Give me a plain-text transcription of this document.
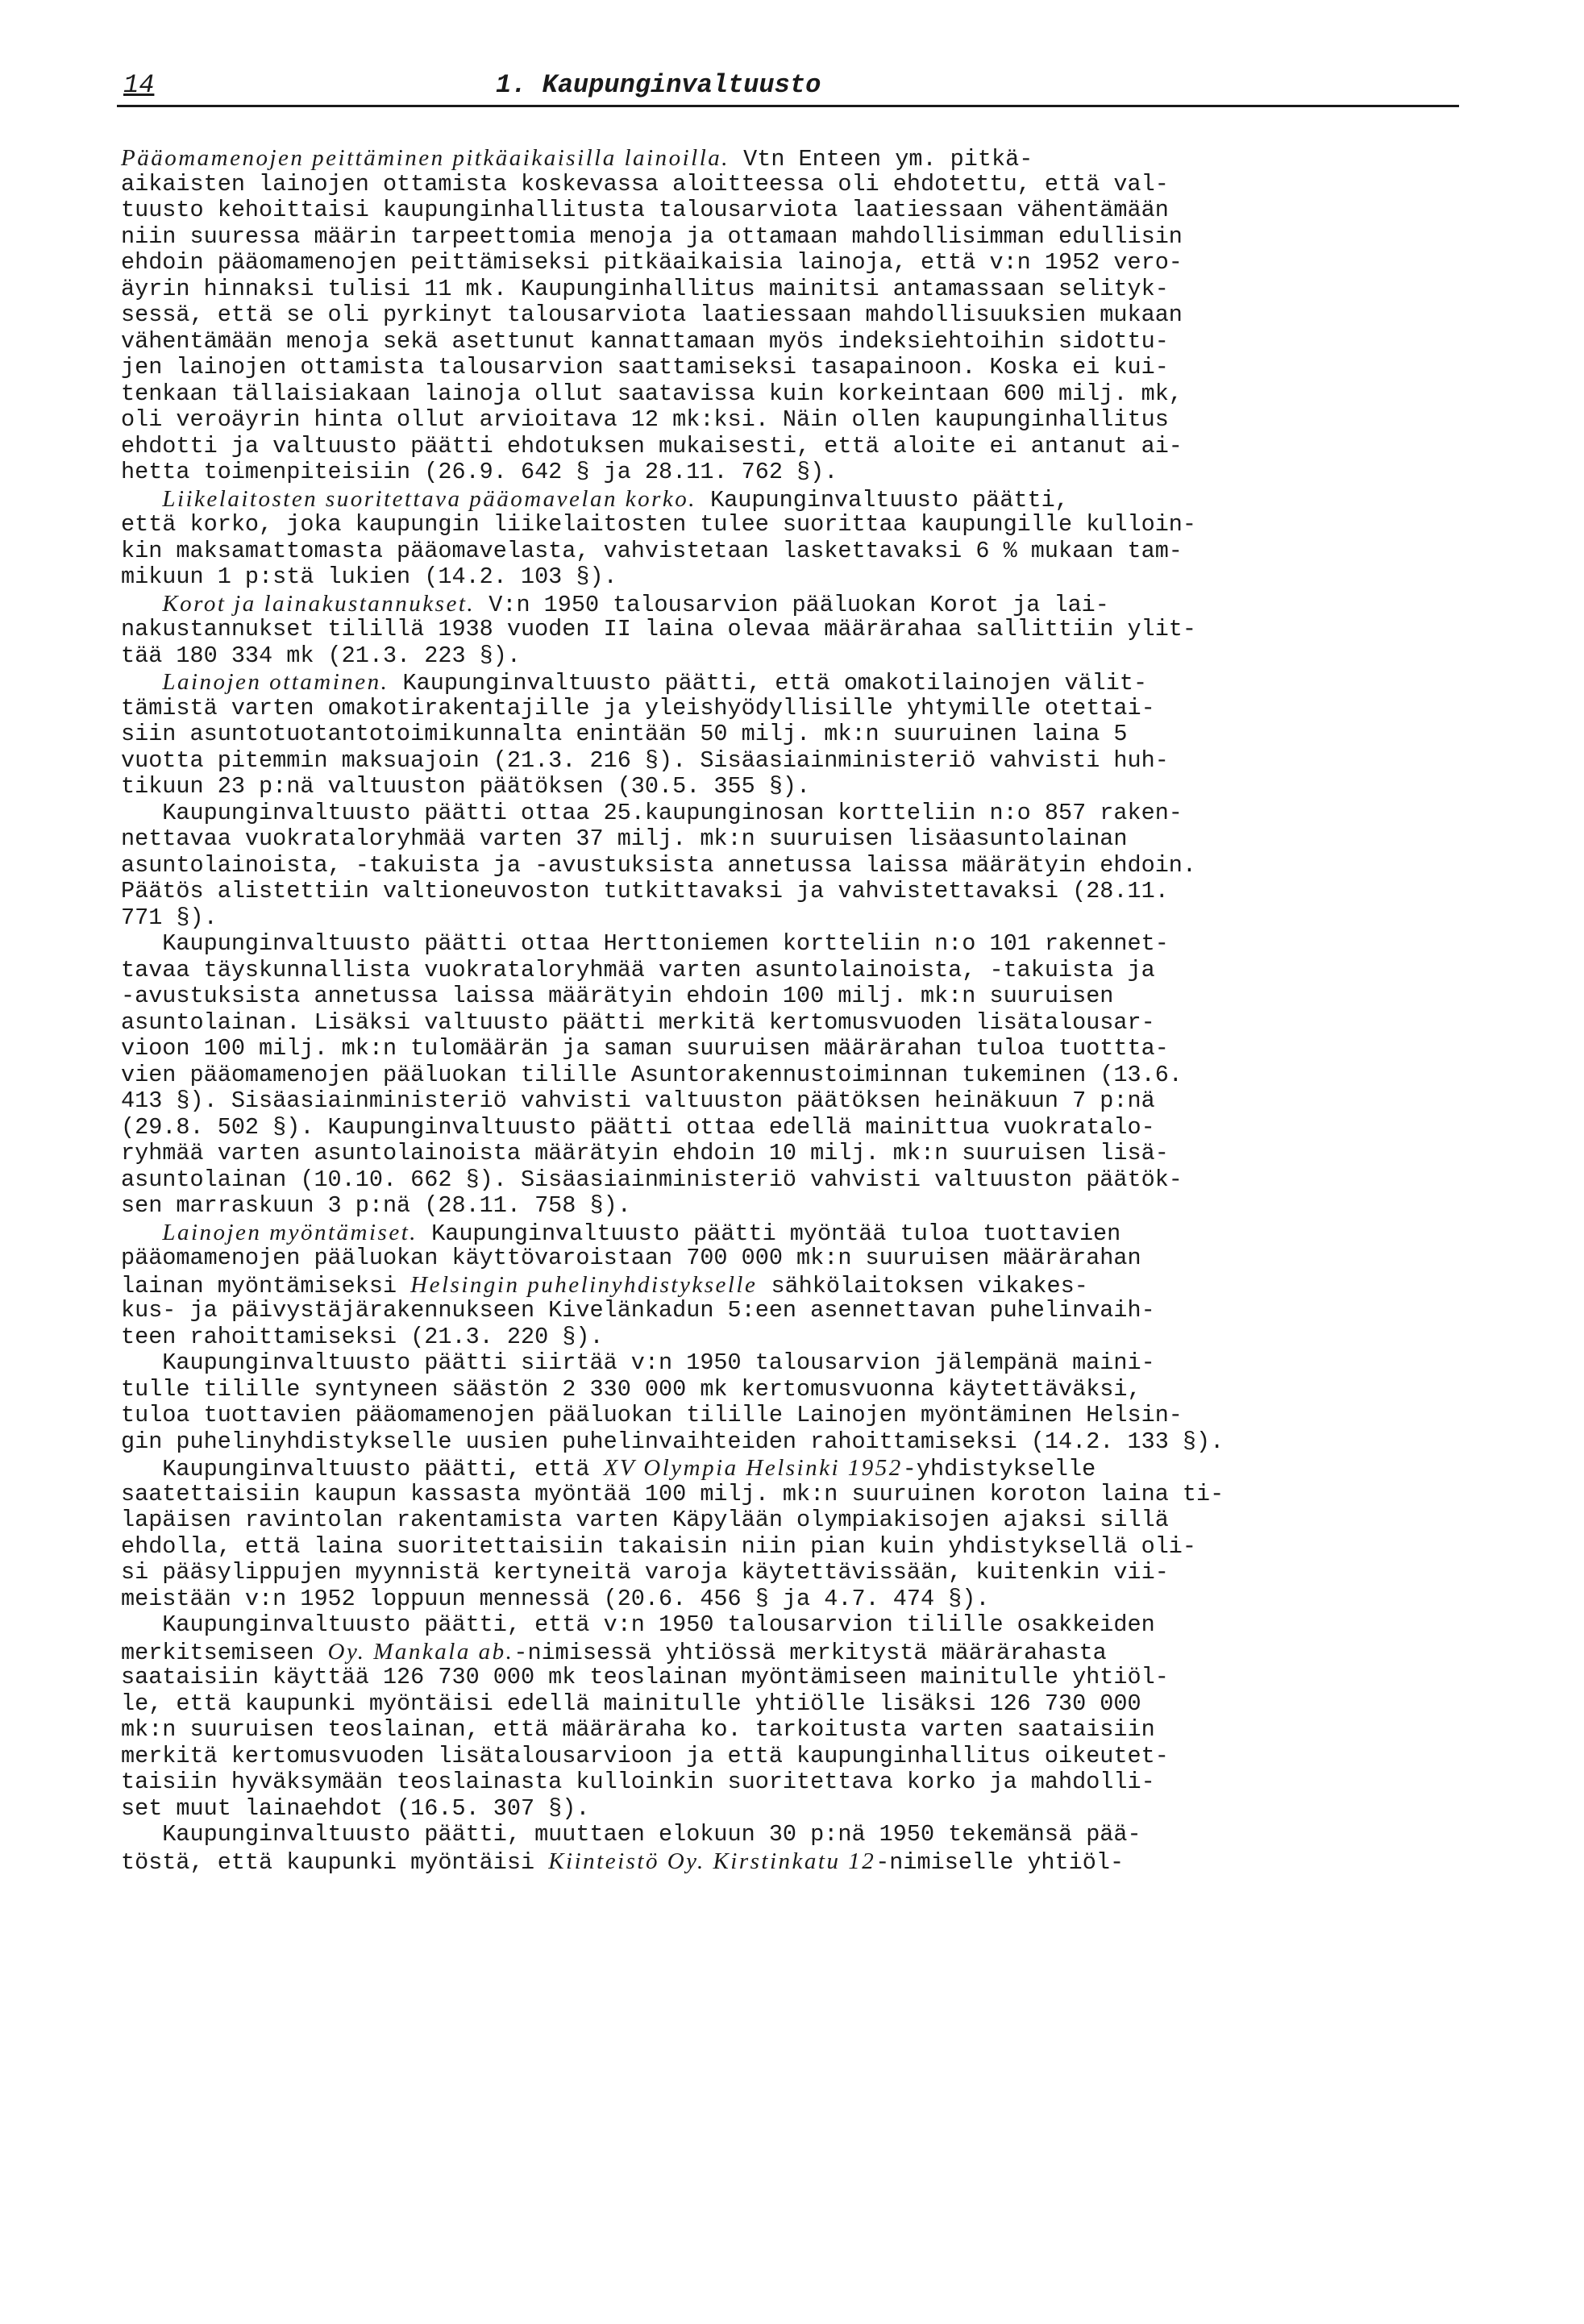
14	1. Kaupunginvaltuusto
Pääomamenojen peittäminen pitkäaikaisilla lainoilla. Vtn Enteen ym. pitkä-
aikaisten lainojen ottamista koskevassa aloitteessa oli ehdotettu, että val-
tuusto kehoittaisi kaupunginhallitusta talousarviota laatiessaan vähentämään
niin suuressa määrin tarpeettomia menoja ja ottamaan mahdollisimman edullisin
ehdoin pääomamenojen peittämiseksi pitkäaikaisia lainoja, että v:n 1952 vero-
äyrin hinnaksi tulisi 11 mk. Kaupunginhallitus mainitsi antamassaan selityk-
sessä, että se oli pyrkinyt talousarviota laatiessaan mahdollisuuksien mukaan
vähentämään menoja sekä asettunut kannattamaan myös indeksiehtoihin sidottu-
jen lainojen ottamista talousarvion saattamiseksi tasapainoon. Koska ei kui-
tenkaan tällaisiakaan lainoja ollut saatavissa kuin korkeintaan 600 milj. mk,
oli veroäyrin hinta ollut arvioitava 12 mk:ksi. Näin ollen kaupunginhallitus
ehdotti ja valtuusto päätti ehdotuksen mukaisesti, että aloite ei antanut ai-
hetta toimenpiteisiin (26.9. 642 § ja 28.11. 762 §).
Liikelaitosten suoritettava pääomavelan korko. Kaupunginvaltuusto päätti,
että korko, joka kaupungin liikelaitosten tulee suorittaa kaupungille kulloin-
kin maksamattomasta pääomavelasta, vahvistetaan laskettavaksi 6 % mukaan tam-
mikuun 1 p:stä lukien (14.2. 103 §).
Korot ja lainakustannukset. V:n 1950 talousarvion pääluokan Korot ja lai-
nakustannukset tilillä 1938 vuoden II laina olevaa määrärahaa sallittiin ylit-
tää 180 334 mk (21.3. 223 §).
Lainojen ottaminen. Kaupunginvaltuusto päätti, että omakotilainojen välit-
tämistä varten omakotirakentajille ja yleishyödyllisille yhtymille otettai-
siin asuntotuotantotoimikunnalta enintään 50 milj. mk:n suuruinen laina 5
vuotta pitemmin maksuajoin (21.3. 216 §). Sisäasiainministeriö vahvisti huh-
tikuun 23 p:nä valtuuston päätöksen (30.5. 355 §).
Kaupunginvaltuusto päätti ottaa 25.kaupunginosan kortteliin n:o 857 raken-
nettavaa vuokrataloryhmää varten 37 milj. mk:n suuruisen lisäasuntolainan
asuntolainoista, -takuista ja -avustuksista annetussa laissa määrätyin ehdoin.
Päätös alistettiin valtioneuvoston tutkittavaksi ja vahvistettavaksi (28.11.
771 §).
Kaupunginvaltuusto päätti ottaa Herttoniemen kortteliin n:o 101 rakennet-
tavaa täyskunnallista vuokrataloryhmää varten asuntolainoista, -takuista ja
-avustuksista annetussa laissa määrätyin ehdoin 100 milj. mk:n suuruisen
asuntolainan. Lisäksi valtuusto päätti merkitä kertomusvuoden lisätalousar-
vioon 100 milj. mk:n tulomäärän ja saman suuruisen määrärahan tuloa tuottta-
vien pääomamenojen pääluokan tilille Asuntorakennustoiminnan tukeminen (13.6.
413 §). Sisäasiainministeriö vahvisti valtuuston päätöksen heinäkuun 7 p:nä
(29.8. 502 §). Kaupunginvaltuusto päätti ottaa edellä mainittua vuokratalo-
ryhmää varten asuntolainoista määrätyin ehdoin 10 milj. mk:n suuruisen lisä-
asuntolainan (10.10. 662 §). Sisäasiainministeriö vahvisti valtuuston päätök-
sen marraskuun 3 p:nä (28.11. 758 §).
Lainojen myöntämiset. Kaupunginvaltuusto päätti myöntää tuloa tuottavien
pääomamenojen pääluokan käyttövaroistaan 700 000 mk:n suuruisen määrärahan
lainan myöntämiseksi Helsingin puhelinyhdistykselle sähkölaitoksen vikakes-
kus- ja päivystäjärakennukseen Kivelänkadun 5:een asennettavan puhelinvaih-
teen rahoittamiseksi (21.3. 220 §).
Kaupunginvaltuusto päätti siirtää v:n 1950 talousarvion jälempänä maini-
tulle tilille syntyneen säästön 2 330 000 mk kertomusvuonna käytettäväksi,
tuloa tuottavien pääomamenojen pääluokan tilille Lainojen myöntäminen Helsin-
gin puhelinyhdistykselle uusien puhelinvaihteiden rahoittamiseksi (14.2. 133 §).
Kaupunginvaltuusto päätti, että XV Olympia Helsinki 1952-yhdistykselle
saatettaisiin kaupun kassasta myöntää 100 milj. mk:n suuruinen koroton laina ti-
lapäisen ravintolan rakentamista varten Käpylään olympiakisojen ajaksi sillä
ehdolla, että laina suoritettaisiin takaisin niin pian kuin yhdistyksellä oli-
si pääsylippujen myynnistä kertyneitä varoja käytettävissään, kuitenkin vii-
meistään v:n 1952 loppuun mennessä (20.6. 456 § ja 4.7. 474 §).
Kaupunginvaltuusto päätti, että v:n 1950 talousarvion tilille osakkeiden
merkitsemiseen Oy. Mankala ab.-nimisessä yhtiössä merkitystä määrärahasta
saataisiin käyttää 126 730 000 mk teoslainan myöntämiseen mainitulle yhtiöl-
le, että kaupunki myöntäisi edellä mainitulle yhtiölle lisäksi 126 730 000
mk:n suuruisen teoslainan, että määräraha ko. tarkoitusta varten saataisiin
merkitä kertomusvuoden lisätalousarvioon ja että kaupunginhallitus oikeutet-
taisiin hyväksymään teoslainasta kulloinkin suoritettava korko ja mahdolli-
set muut lainaehdot (16.5. 307 §).
Kaupunginvaltuusto päätti, muuttaen elokuun 30 p:nä 1950 tekemänsä pää-
töstä, että kaupunki myöntäisi Kiinteistö Oy. Kirstinkatu 12-nimiselle yhtiöl-
